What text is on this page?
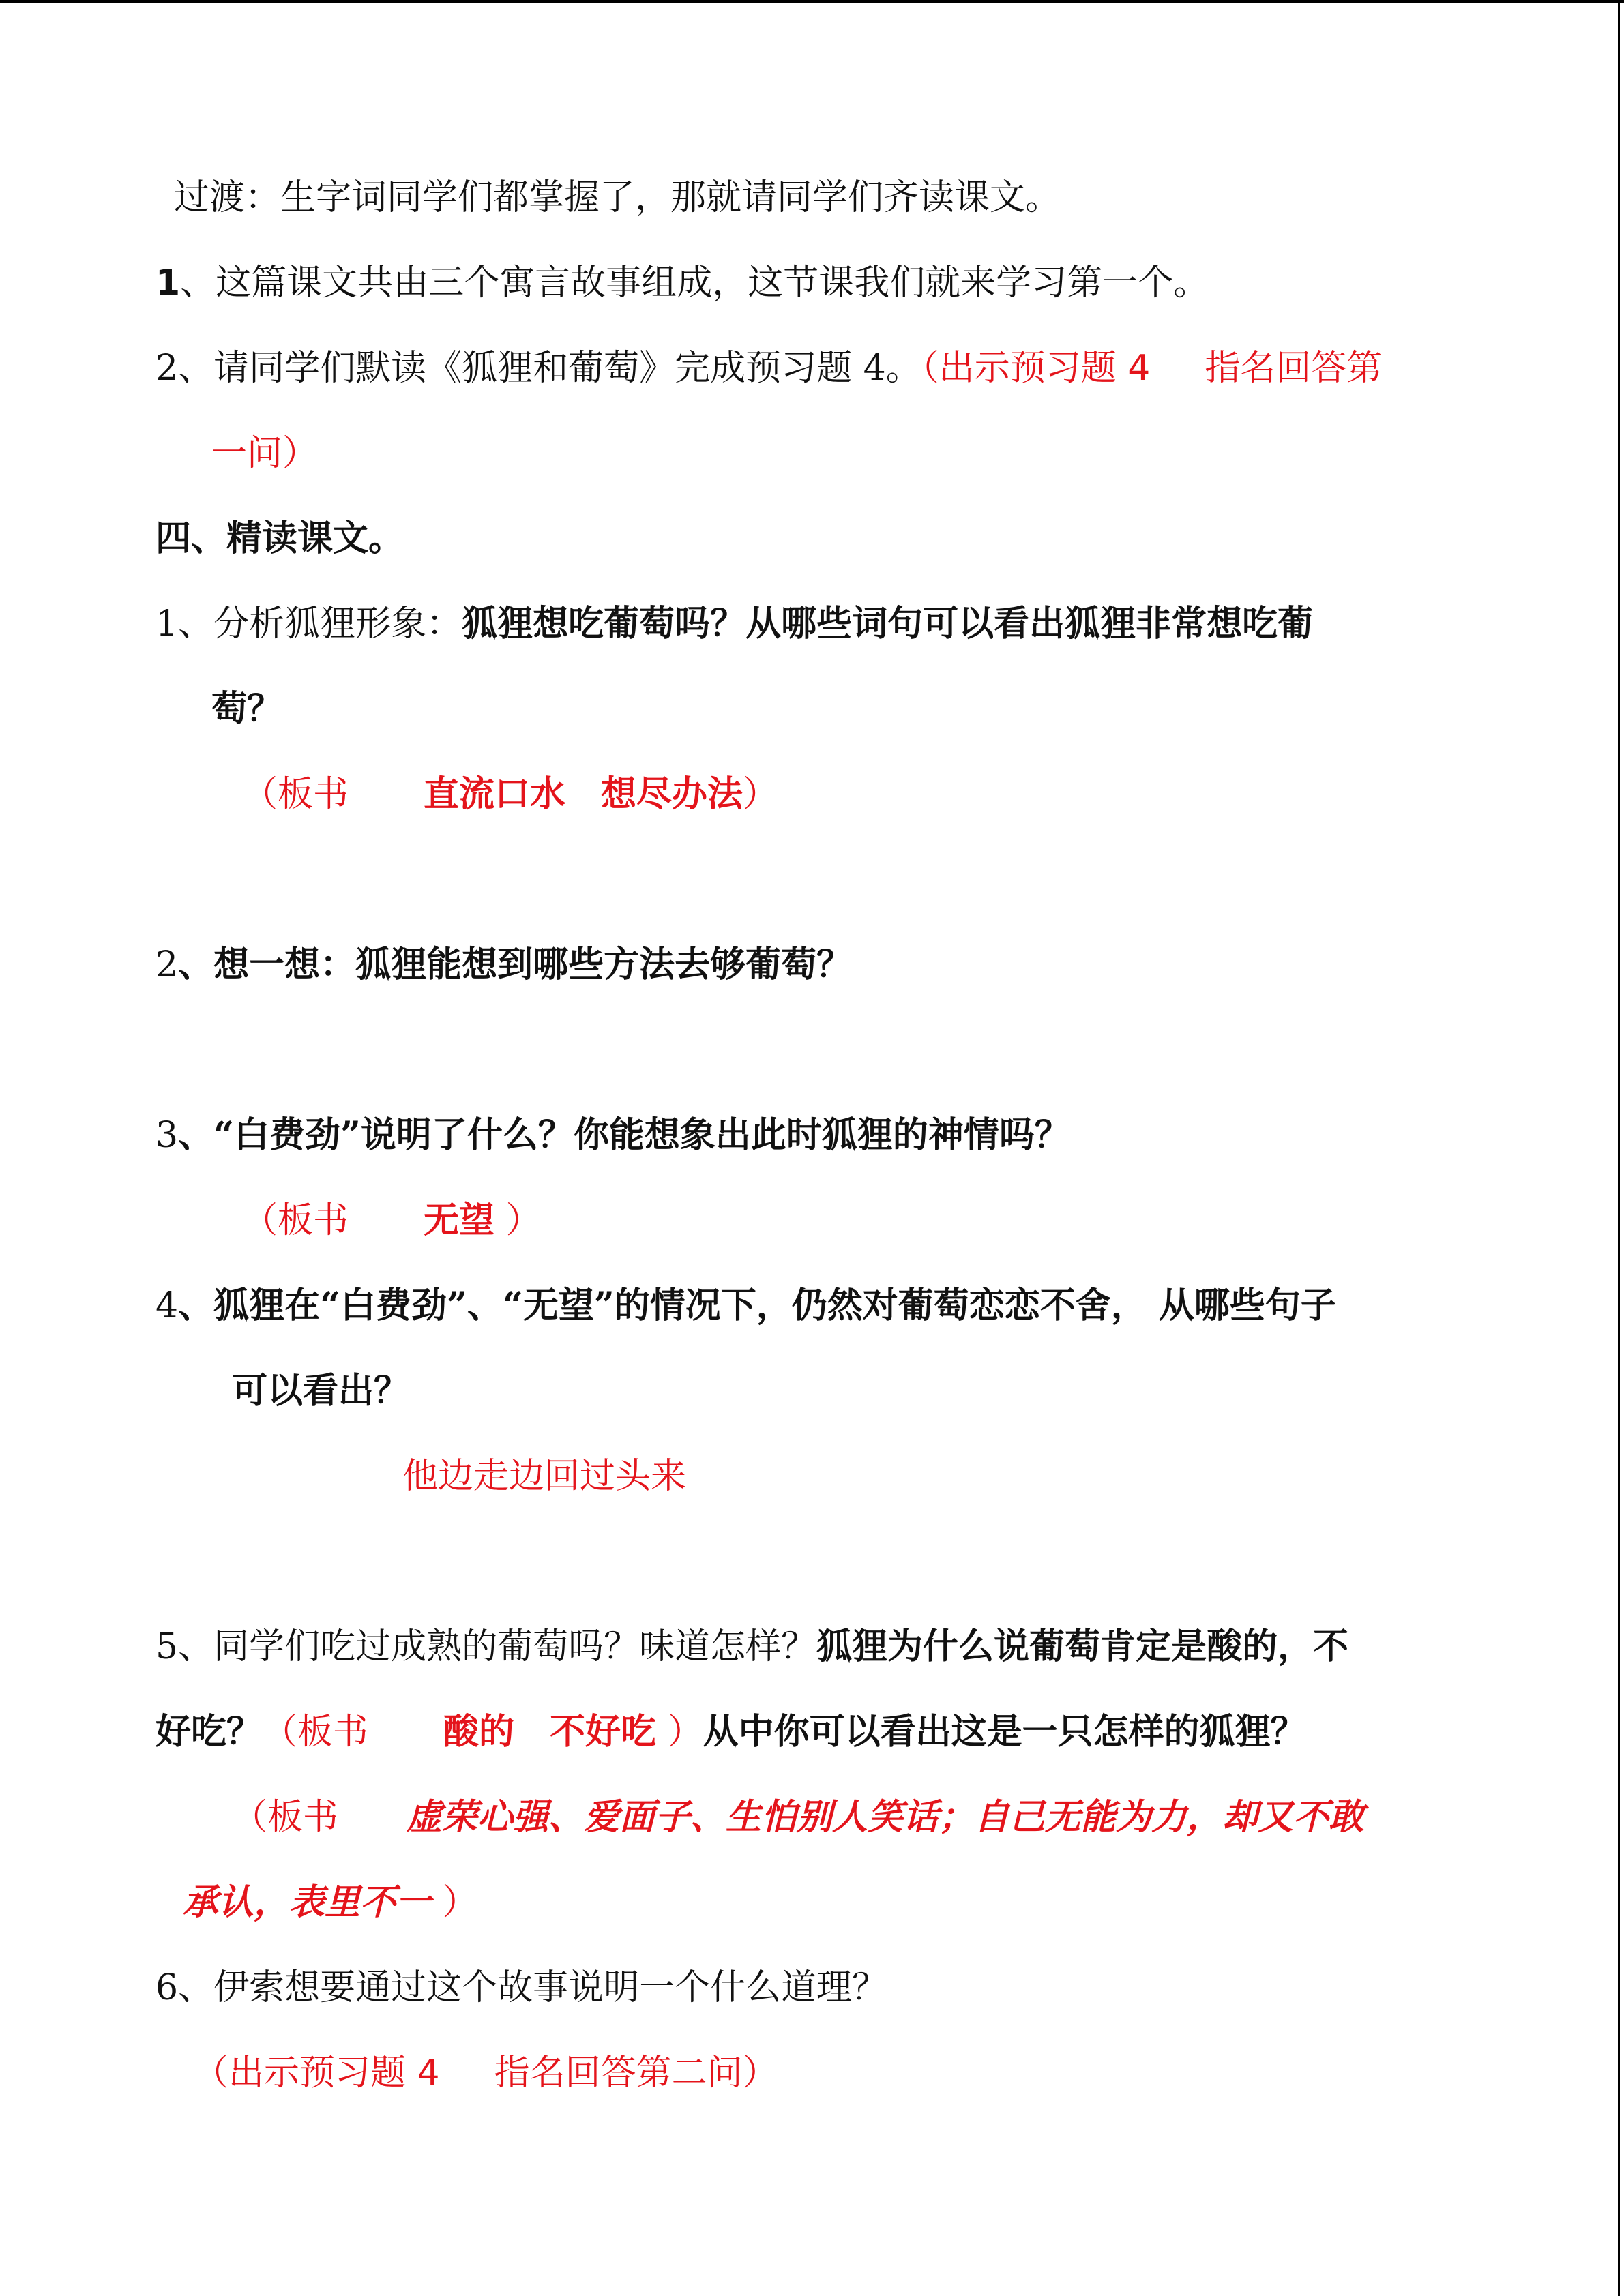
过渡：生字词同学们都掌握了，那就请同学们齐读课文。

1、这篇课文共由三个寓言故事组成，这节课我们就来学习第一个。

2、请同学们默读《狐狸和葡萄》完成预习题 4。（出示预习题 4 指名回答第

一问）

四、精读课文。

1、分析狐狸形象：狐狸想吃葡萄吗？从哪些词句可以看出狐狸非常想吃葡

萄？

（板书 直流口水　想尽办法）

2、想一想：狐狸能想到哪些方法去够葡萄？

3、“白费劲”说明了什么？你能想象出此时狐狸的神情吗？

（板书 无望 ）

4、狐狸在“白费劲”、“无望”的情况下，仍然对葡萄恋恋不舍， 从哪些句子

可以看出？

他边走边回过头来

5、同学们吃过成熟的葡萄吗？味道怎样？狐狸为什么说葡萄肯定是酸的，不

好吃？（板书 酸的　不好吃 ）从中你可以看出这是一只怎样的狐狸？

（板书 虚荣心强、爱面子、生怕别人笑话；自己无能为力，却又不敢

承认，表里不一 ）

6、伊索想要通过这个故事说明一个什么道理？

（出示预习题 4 指名回答第二问）
